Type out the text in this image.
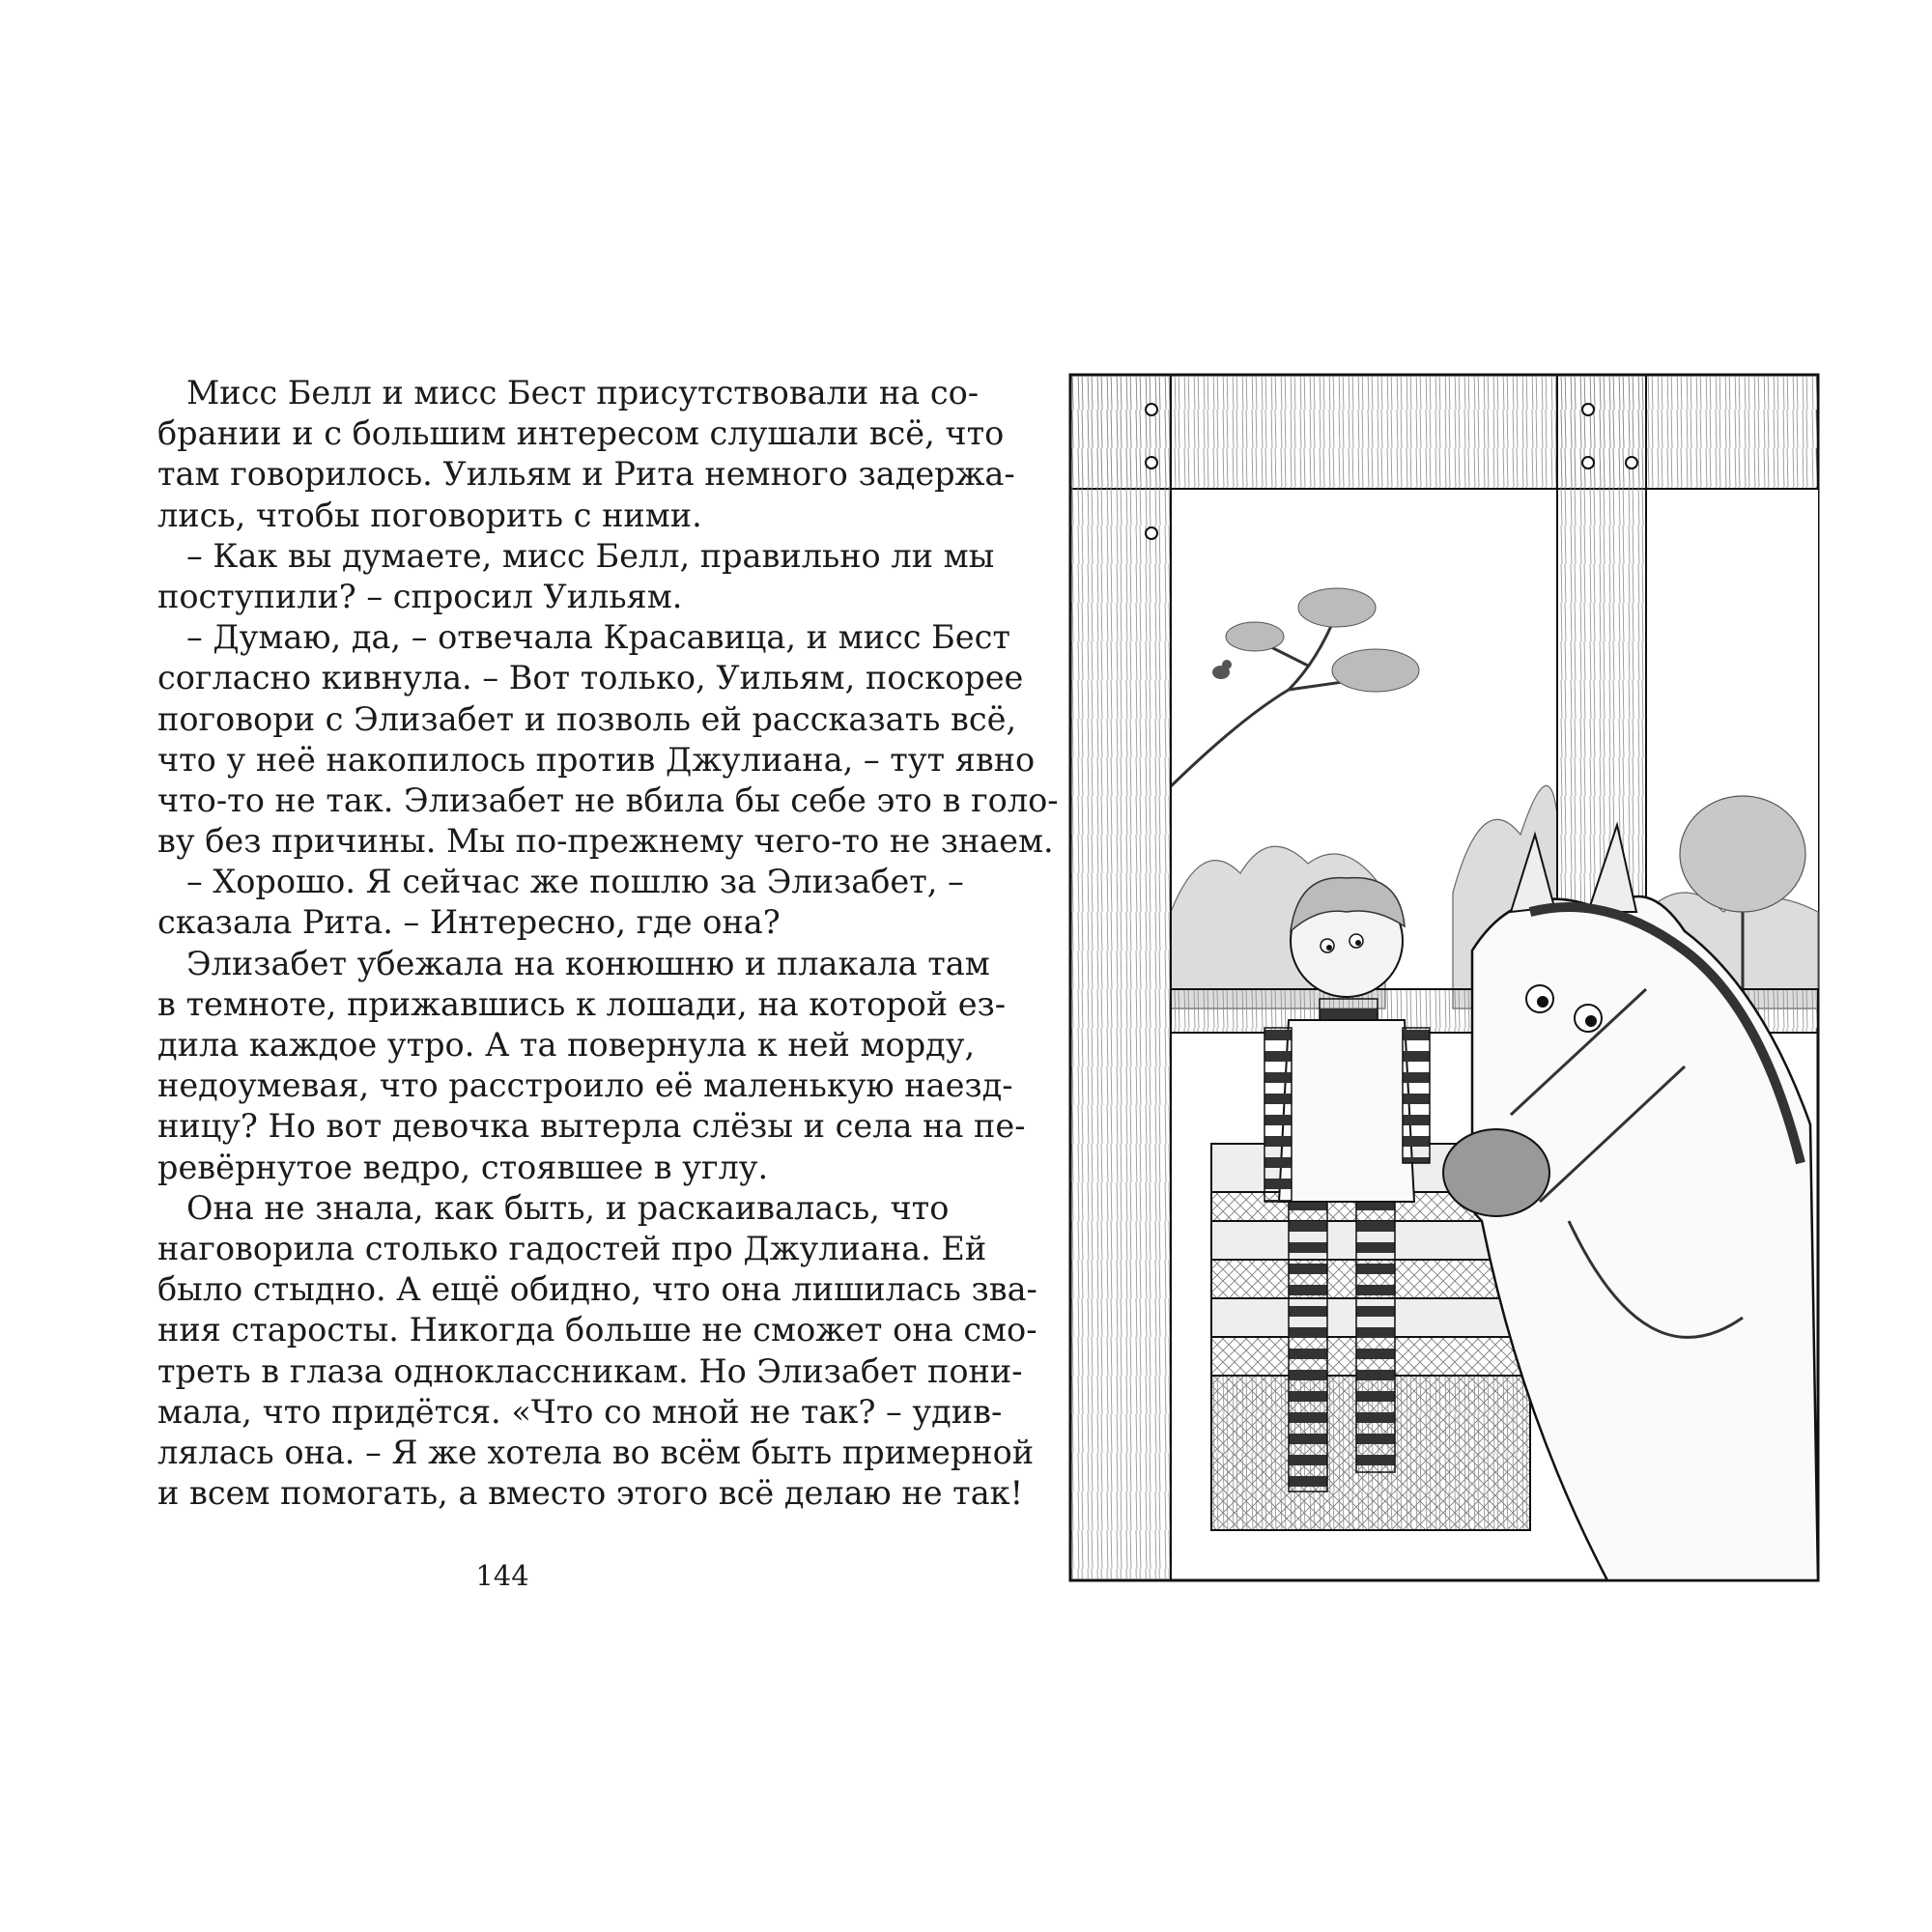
Мисс Белл и мисс Бест присутствовали на со-
брании и с большим интересом слушали всё, что
там говорилось. Уильям и Рита немного задержа-
лись, чтобы поговорить с ними.
– Как вы думаете, мисс Белл, правильно ли мы
поступили? – спросил Уильям.
– Думаю, да, – отвечала Красавица, и мисс Бест
согласно кивнула. – Вот только, Уильям, поскорее
поговори с Элизабет и позволь ей рассказать всё,
что у неё накопилось против Джулиана, – тут явно
что-то не так. Элизабет не вбила бы себе это в голо-
ву без причины. Мы по-прежнему чего-то не знаем.
– Хорошо. Я сейчас же пошлю за Элизабет, –
сказала Рита. – Интересно, где она?
Элизабет убежала на конюшню и плакала там
в темноте, прижавшись к лошади, на которой ез-
дила каждое утро. А та повернула к ней морду,
недоумевая, что расстроило её маленькую наезд-
ницу? Но вот девочка вытерла слёзы и села на пе-
ревёрнутое ведро, стоявшее в углу.
Она не знала, как быть, и раскаивалась, что
наговорила столько гадостей про Джулиана. Ей
было стыдно. А ещё обидно, что она лишилась зва-
ния старосты. Никогда больше не сможет она смо-
треть в глаза одноклассникам. Но Элизабет пони-
мала, что придётся. «Что со мной не так? – удив-
лялась она. – Я же хотела во всём быть примерной
и всем помогать, а вместо этого всё делаю не так!
144
